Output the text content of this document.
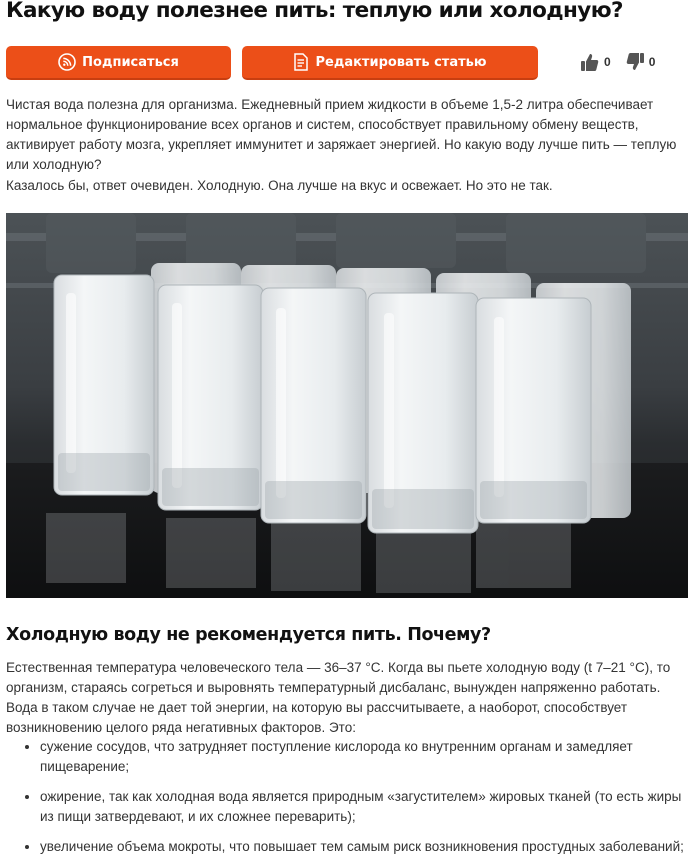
Какую воду полезнее пить: теплую или холодную?
Подписаться	Редактировать статью	0	0

Чистая вода полезна для организма. Ежедневный прием жидкости в объеме 1,5-2 литра обеспечивает нормальное функционирование всех органов и систем, способствует правильному обмену веществ, активирует работу мозга, укрепляет иммунитет и заряжает энергией. Но какую воду лучше пить — теплую или холодную?

Казалось бы, ответ очевиден. Холодную. Она лучше на вкус и освежает. Но это не так.

Холодную воду не рекомендуется пить. Почему?

Естественная температура человеческого тела — 36–37 °С. Когда вы пьете холодную воду (t 7–21 °С), то организм, стараясь согреться и выровнять температурный дисбаланс, вынужден напряженно работать. Вода в таком случае не дает той энергии, на которую вы рассчитываете, а наоборот, способствует возникновению целого ряда негативных факторов. Это:

• сужение сосудов, что затрудняет поступление кислорода ко внутренним органам и замедляет пищеварение;
• ожирение, так как холодная вода является природным «загустителем» жировых тканей (то есть жиры из пищи затвердевают, и их сложнее переварить);
• увеличение объема мокроты, что повышает тем самым риск возникновения простудных заболеваний;
